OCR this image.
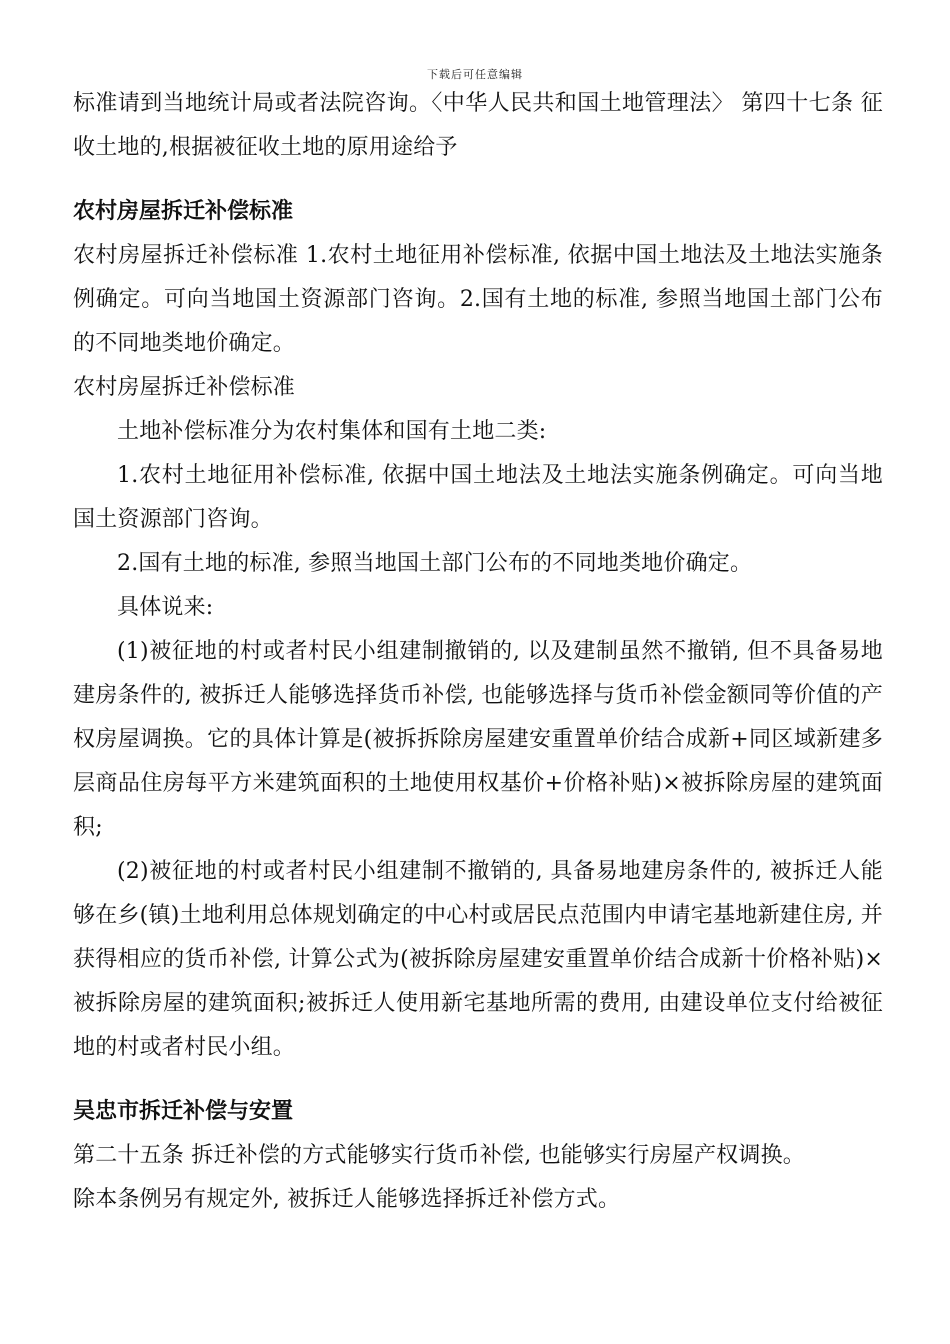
下载后可任意编辑

标准请到当地统计局或者法院咨询。〈中华人民共和国土地管理法〉 第四十七条 征收土地的,根据被征收土地的原用途给予

农村房屋拆迁补偿标准

农村房屋拆迁补偿标准 1.农村土地征用补偿标准, 依据中国土地法及土地法实施条例确定。可向当地国土资源部门咨询。2.国有土地的标准, 参照当地国土部门公布的不同地类地价确定。

农村房屋拆迁补偿标准

土地补偿标准分为农村集体和国有土地二类:

1.农村土地征用补偿标准, 依据中国土地法及土地法实施条例确定。可向当地国土资源部门咨询。

2.国有土地的标准, 参照当地国土部门公布的不同地类地价确定。

具体说来:

(1)被征地的村或者村民小组建制撤销的, 以及建制虽然不撤销, 但不具备易地建房条件的, 被拆迁人能够选择货币补偿, 也能够选择与货币补偿金额同等价值的产权房屋调换。它的具体计算是(被拆拆除房屋建安重置单价结合成新+同区域新建多层商品住房每平方米建筑面积的土地使用权基价+价格补贴)×被拆除房屋的建筑面积;

(2)被征地的村或者村民小组建制不撤销的, 具备易地建房条件的, 被拆迁人能够在乡(镇)土地利用总体规划确定的中心村或居民点范围内申请宅基地新建住房, 并获得相应的货币补偿, 计算公式为(被拆除房屋建安重置单价结合成新十价格补贴)×被拆除房屋的建筑面积;被拆迁人使用新宅基地所需的费用, 由建设单位支付给被征地的村或者村民小组。

吴忠市拆迁补偿与安置

第二十五条 拆迁补偿的方式能够实行货币补偿, 也能够实行房屋产权调换。

除本条例另有规定外, 被拆迁人能够选择拆迁补偿方式。
